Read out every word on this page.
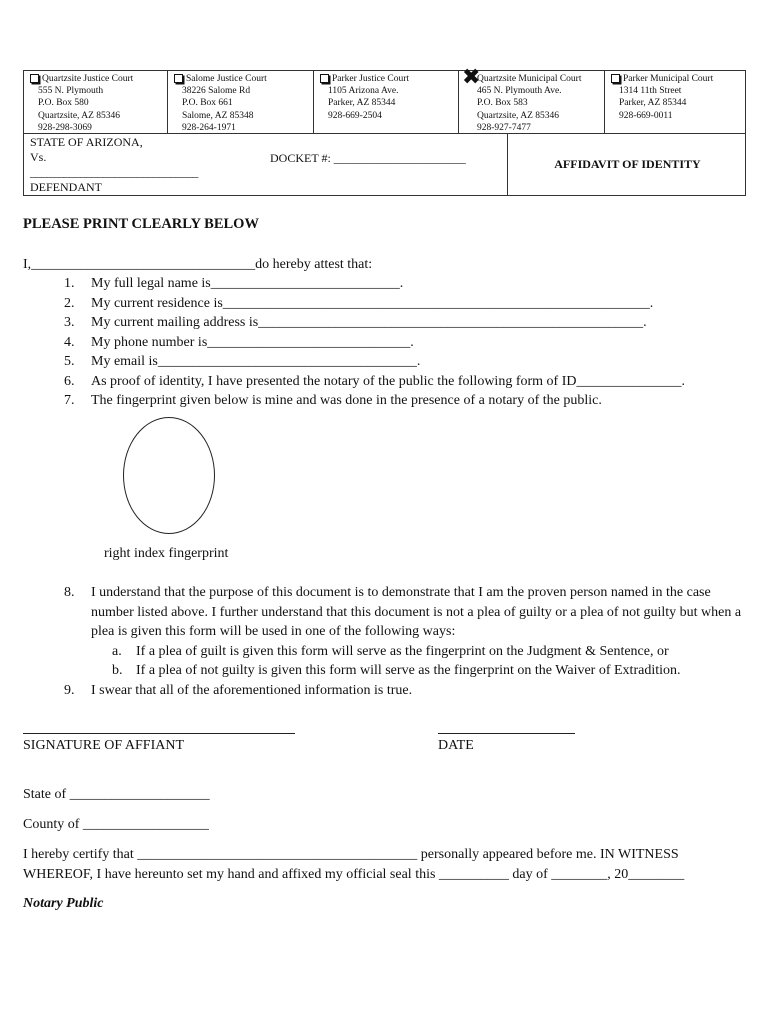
Quartzsite Justice Court
555 N. Plymouth
P.O. Box 580
Quartzsite, AZ 85346
928-298-3069
Salome Justice Court
38226 Salome Rd
P.O. Box 661
Salome, AZ 85348
928-264-1971
Parker Justice Court
1105 Arizona Ave.
Parker, AZ 85344
928-669-2504
✖
Quartzsite Municipal Court
465 N. Plymouth Ave.
P.O. Box 583
Quartzsite, AZ 85346
928-927-7477
Parker Municipal Court
1314 11th Street
Parker, AZ 85344
928-669-0011
STATE OF ARIZONA,
Vs.
______________________________
DEFENDANT
DOCKET #: ______________________	AFFIDAVIT OF IDENTITY
PLEASE PRINT CLEARLY BELOW
I,________________________________do hereby attest that:
1.	My full legal name is___________________________.
2.	My current residence is_____________________________________________________________.
3.	My current mailing address is_______________________________________________________.
4.	My phone number is_____________________________.
5.	My email is_____________________________________.
6.	As proof of identity, I have presented the notary of the public the following form of ID_______________.
7.	The fingerprint given below is mine and was done in the presence of a notary of the public.
right index fingerprint
8.	I understand that the purpose of this document is to demonstrate that I am the proven person named in the case number listed above. I further understand that this document is not a plea of guilty or a plea of not guilty but when a plea is given this form will be used in one of the following ways:
a.	If a plea of guilt is given this form will serve as the fingerprint on the Judgment & Sentence, or
b. If a plea of not guilty is given this form will serve as the fingerprint on the Waiver of Extradition.
9.	I swear that all of the aforementioned information is true.
SIGNATURE OF AFFIANT	DATE
State of ____________________
County of __________________
I hereby certify that ________________________________________ personally appeared before me. IN WITNESS WHEREOF, I have hereunto set my hand and affixed my official seal this __________ day of ________, 20________
Notary Public
